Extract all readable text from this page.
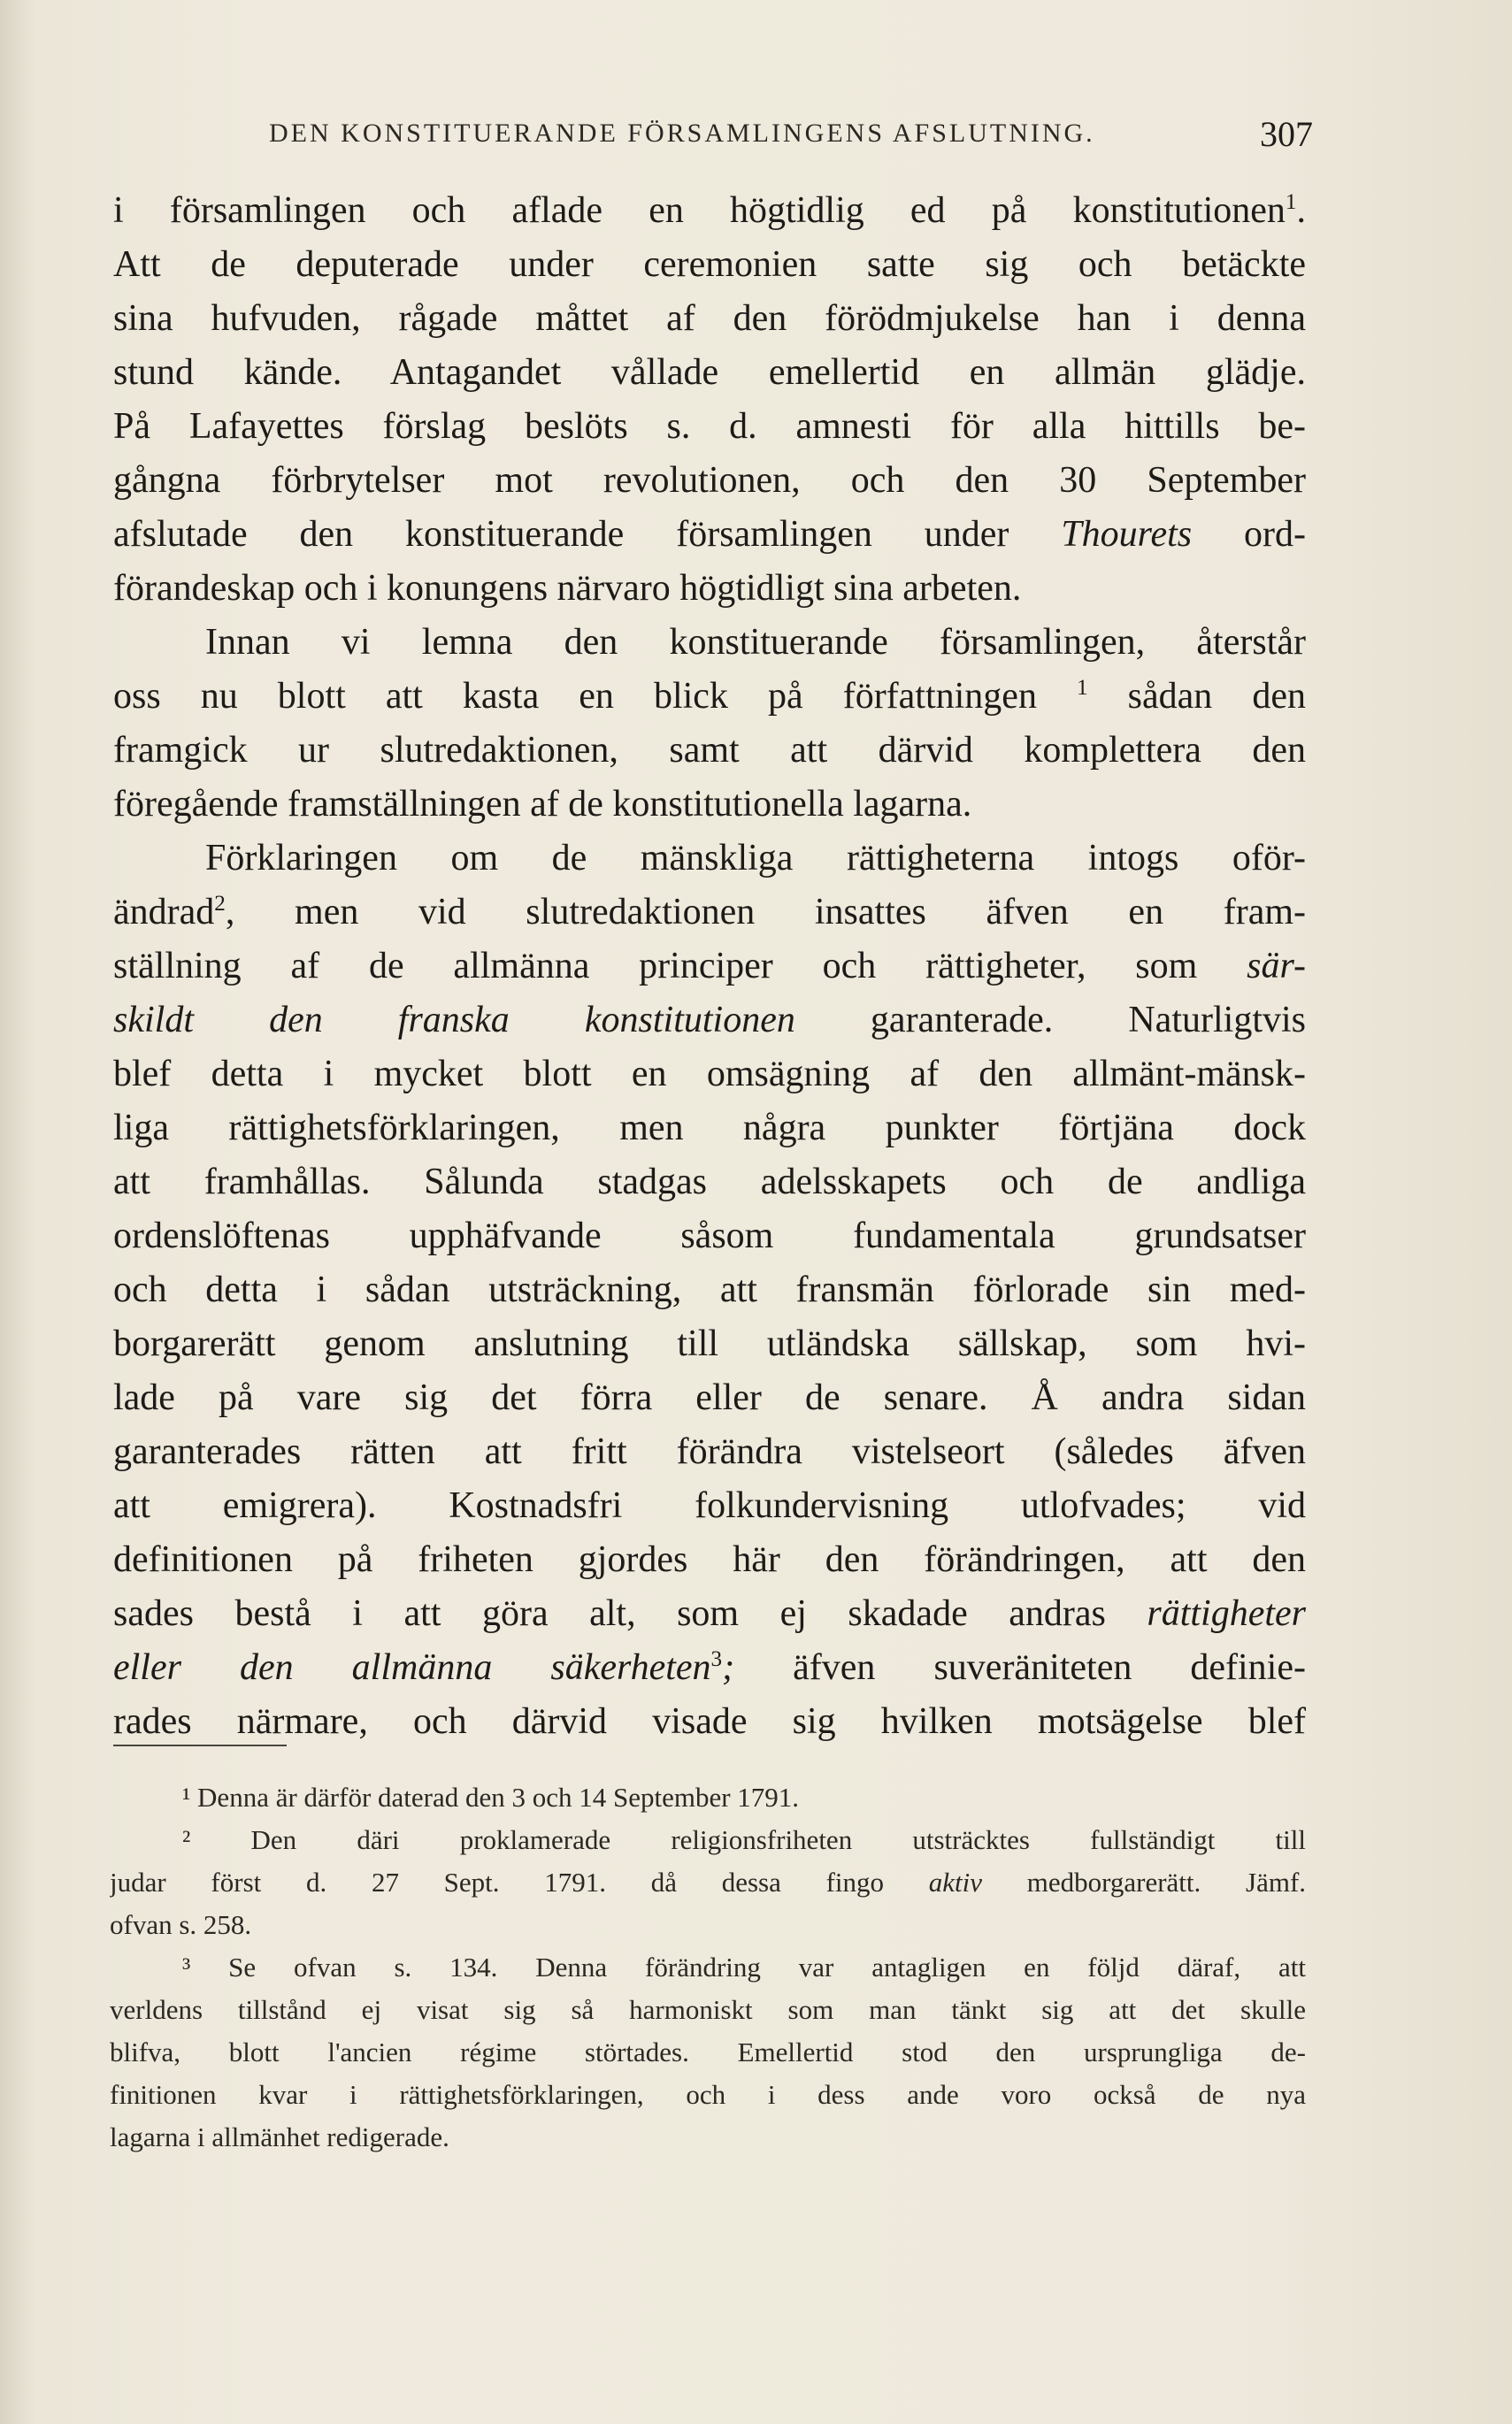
DEN KONSTITUERANDE FÖRSAMLINGENS AFSLUTNING.	307
i församlingen och aflade en högtidlig ed på konstitutionen$^1$.
Att de deputerade under ceremonien satte sig och betäckte
sina hufvuden, rågade måttet af den förödmjukelse han i denna
stund kände. Antagandet vållade emellertid en allmän glädje.
På Lafayettes förslag beslöts s. d. amnesti för alla hittills be-
gångna förbrytelser mot revolutionen, och den 30 September
afslutade den konstituerande församlingen under Thourets ord-
förandeskap och i konungens närvaro högtidligt sina arbeten.
Innan vi lemna den konstituerande församlingen, återstår
oss nu blott att kasta en blick på författningen $^1$ sådan den
framgick ur slutredaktionen, samt att därvid komplettera den
föregående framställningen af de konstitutionella lagarna.
Förklaringen om de mänskliga rättigheterna intogs oför-
ändrad$^2$, men vid slutredaktionen insattes äfven en fram-
ställning af de allmänna principer och rättigheter, som sär-
skildt den franska konstitutionen garanterade. Naturligtvis
blef detta i mycket blott en omsägning af den allmänt-mänsk-
liga rättighetsförklaringen, men några punkter förtjäna dock
att framhållas. Sålunda stadgas adelsskapets och de andliga
ordenslöftenas upphäfvande såsom fundamentala grundsatser
och detta i sådan utsträckning, att fransmän förlorade sin med-
borgarerätt genom anslutning till utländska sällskap, som hvi-
lade på vare sig det förra eller de senare. Å andra sidan
garanterades rätten att fritt förändra vistelseort (således äfven
att emigrera). Kostnadsfri folkundervisning utlofvades; vid
definitionen på friheten gjordes här den förändringen, att den
sades bestå i att göra alt, som ej skadade andras rättigheter
eller den allmänna säkerheten$^3$; äfven suveräniteten definie-
rades närmare, och därvid visade sig hvilken motsägelse blef
¹ Denna är därför daterad den 3 och 14 September 1791.
² Den däri proklamerade religionsfriheten utsträcktes fullständigt till
judar först d. 27 Sept. 1791. då dessa fingo aktiv medborgarerätt. Jämf.
ofvan s. 258.
³ Se ofvan s. 134. Denna förändring var antagligen en följd däraf, att
verldens tillstånd ej visat sig så harmoniskt som man tänkt sig att det skulle
blifva, blott l'ancien régime störtades. Emellertid stod den ursprungliga de-
finitionen kvar i rättighetsförklaringen, och i dess ande voro också de nya
lagarna i allmänhet redigerade.
